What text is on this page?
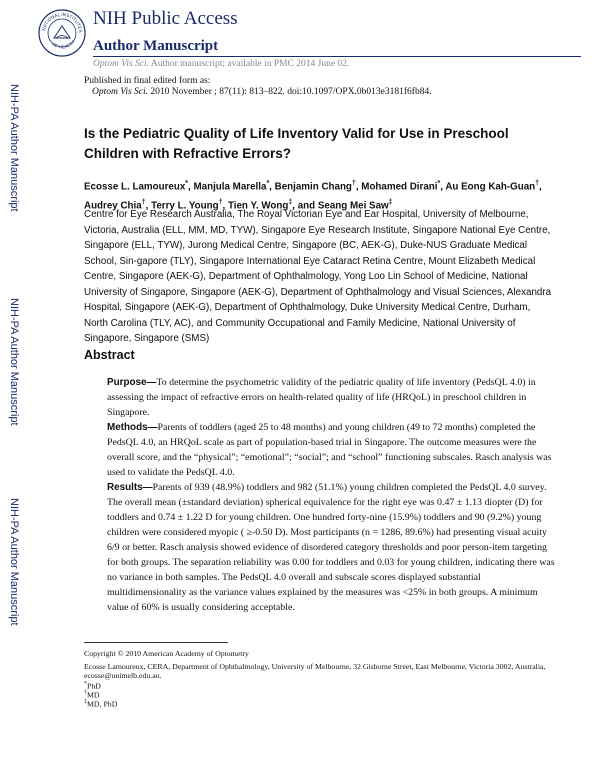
NATIONAL INSTITUTES
OF HEALTH
NIH Public Access
Author Manuscript
Optom Vis Sci. Author manuscript; available in PMC 2014 June 02.
Published in final edited form as:
Optom Vis Sci. 2010 November ; 87(11): 813–822. doi:10.1097/OPX.0b013e3181f6fb84.
NIH-PA Author Manuscript
NIH-PA Author Manuscript
NIH-PA Author Manuscript
Is the Pediatric Quality of Life Inventory Valid for Use in Preschool Children with Refractive Errors?
Ecosse L. Lamoureux*, Manjula Marella*, Benjamin Chang†, Mohamed Dirani*, Au Eong Kah-Guan†, Audrey Chia†, Terry L. Young†, Tien Y. Wong‡, and Seang Mei Saw‡
Centre for Eye Research Australia, The Royal Victorian Eye and Ear Hospital, University of Melbourne, Victoria, Australia (ELL, MM, MD, TYW), Singapore Eye Research Institute, Singapore National Eye Centre, Singapore (ELL, TYW), Jurong Medical Centre, Singapore (BC, AEK-G), Duke-NUS Graduate Medical School, Sin-gapore (TLY), Singapore International Eye Cataract Retina Centre, Mount Elizabeth Medical Centre, Singapore (AEK-G), Department of Ophthalmology, Yong Loo Lin School of Medicine, National University of Singapore, Singapore (AEK-G), Department of Ophthalmology and Visual Sciences, Alexandra Hospital, Singapore (AEK-G), Department of Ophthalmology, Duke University Medical Centre, Durham, North Carolina (TLY, AC), and Community Occupational and Family Medicine, National University of Singapore, Singapore (SMS)
Abstract

Purpose—To determine the psychometric validity of the pediatric quality of life inventory (PedsQL 4.0) in assessing the impact of refractive errors on health-related quality of life (HRQoL) in preschool children in Singapore.

Methods—Parents of toddlers (aged 25 to 48 months) and young children (49 to 72 months) completed the PedsQL 4.0, an HRQoL scale as part of population-based trial in Singapore. The outcome measures were the overall score, and the “physical”; “emotional”; “social”; and “school” functioning subscales. Rasch analysis was used to validate the PedsQL 4.0.

Results—Parents of 939 (48.9%) toddlers and 982 (51.1%) young children completed the PedsQL 4.0 survey. The overall mean (±standard deviation) spherical equivalence for the right eye was 0.47 ± 1.13 diopter (D) for toddlers and 0.74 ± 1.22 D for young children. One hundred forty-nine (15.9%) toddlers and 90 (9.2%) young children were considered myopic ( ≥-0.50 D). Most participants (n = 1286, 89.6%) had presenting visual acuity 6/9 or better. Rasch analysis showed evidence of disordered category thresholds and poor person-item targeting for both groups. The separation reliability was 0.00 for toddlers and 0.03 for young children, indicating there was no variance in both samples. The PedsQL 4.0 overall and subscale scores displayed substantial multidimensionality as the variance values explained by the measures was <25% in both groups. A minimum value of 60% is usually considering acceptable.

Copyright © 2010 American Academy of Optometry
Ecosse Lamoureux, CERA, Department of Ophthalmology, University of Melbourne, 32 Gisborne Street, East Melbourne, Victoria 3002, Australia, ecosse@unimelb.edu.au.
*PhD
†MD
‡MD, PhD
